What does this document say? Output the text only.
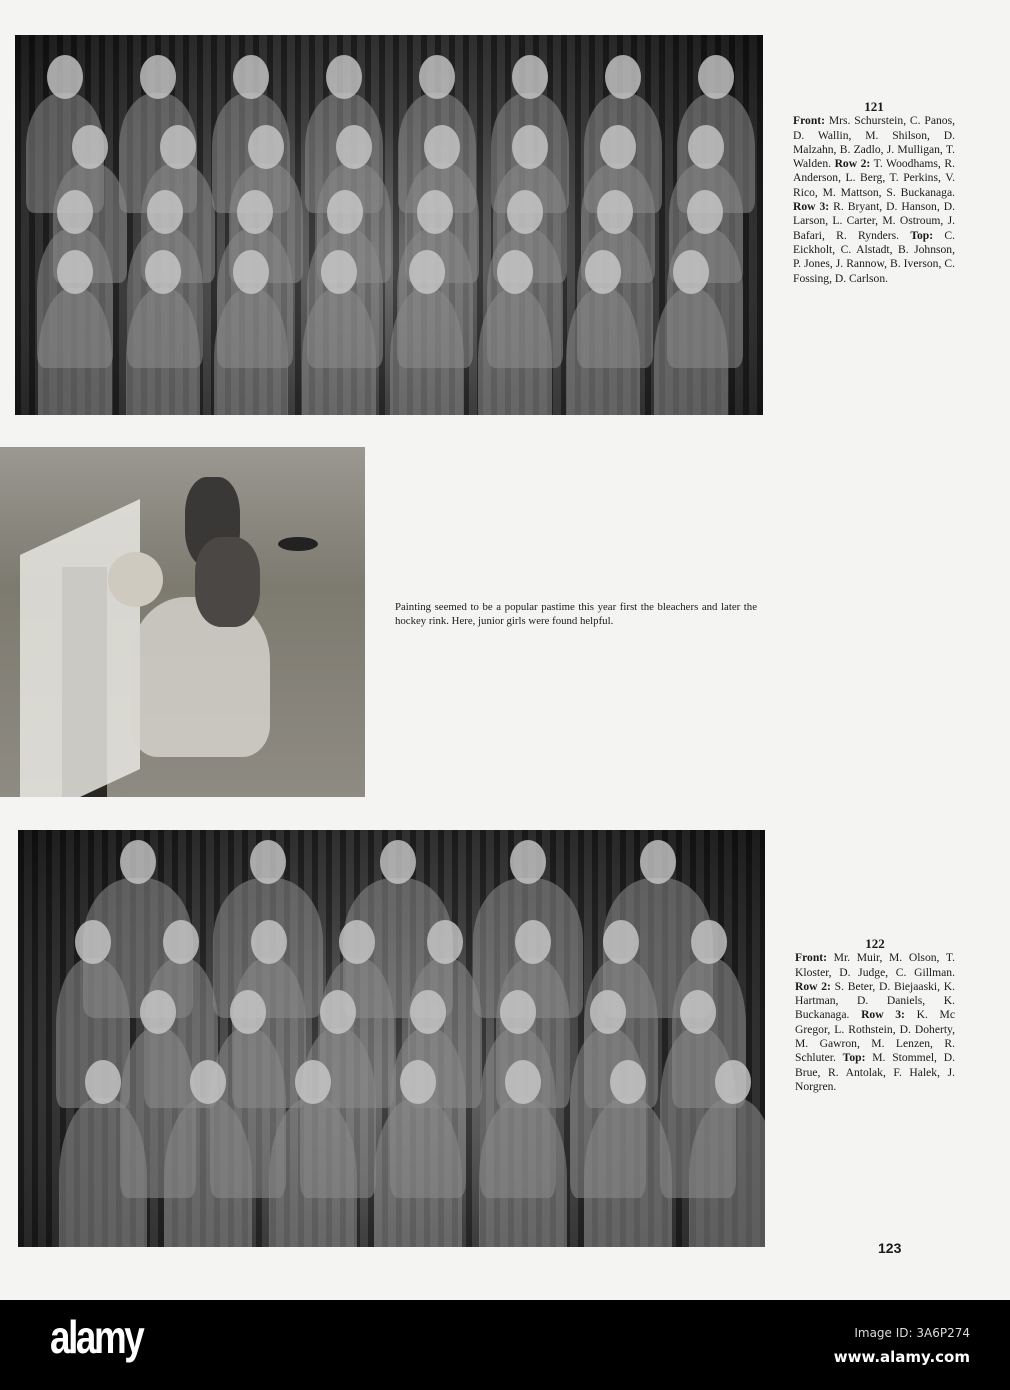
121
Front: Mrs. Schurstein, C. Panos, D. Wallin, M. Shilson, D. Malzahn, B. Zadlo, J. Mulligan, T. Walden. Row 2: T. Woodhams, R. Anderson, L. Berg, T. Perkins, V. Rico, M. Mattson, S. Buckanaga. Row 3: R. Bryant, D. Hanson, D. Larson, L. Carter, M. Ostroum, J. Bafari, R. Rynders. Top: C. Eickholt, C. Alstadt, B. Johnson, P. Jones, J. Rannow, B. Iverson, C. Fossing, D. Carlson.
Painting seemed to be a popular pastime this year first the bleachers and later the hockey rink. Here, junior girls were found helpful.
122
Front: Mr. Muir, M. Olson, T. Kloster, D. Judge, C. Gillman. Row 2: S. Beter, D. Biejaaski, K. Hartman, D. Daniels, K. Buckanaga. Row 3: K. Mc Gregor, L. Rothstein, D. Doherty, M. Gawron, M. Lenzen, R. Schluter. Top: M. Stommel, D. Brue, R. Antolak, F. Halek, J. Norgren.
123
alamy	Image ID: 3A6P274
www.alamy.com
